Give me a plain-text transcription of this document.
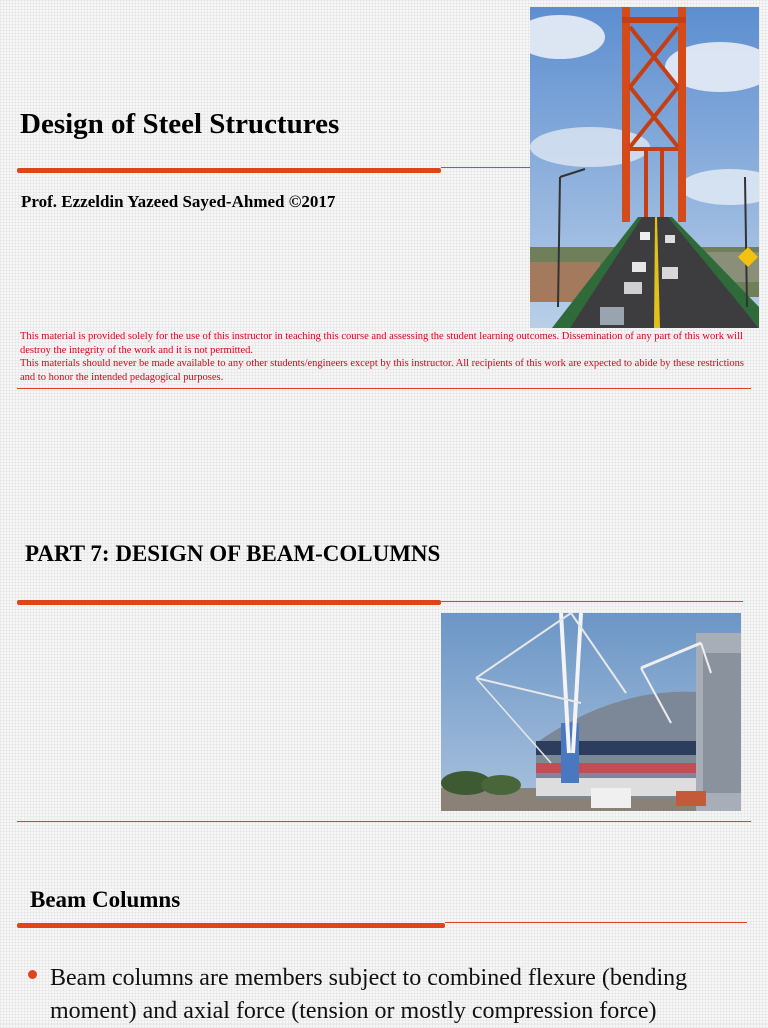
Design of Steel Structures
Prof. Ezzeldin Yazeed Sayed-Ahmed ©2017

This material is provided solely for the use of this instructor in teaching this course and assessing the student learning outcomes. Dissemination of any part of this work will destroy the integrity of the work and it is not permitted.

This materials should never be made available to any other students/engineers except by this instructor. All recipients of this work are expected to abide by these restrictions and to honor the intended pedagogical purposes.

PART 7: DESIGN OF BEAM-COLUMNS
Beam Columns
Beam columns are members subject to combined flexure (bending moment) and axial force (tension or mostly compression force)
